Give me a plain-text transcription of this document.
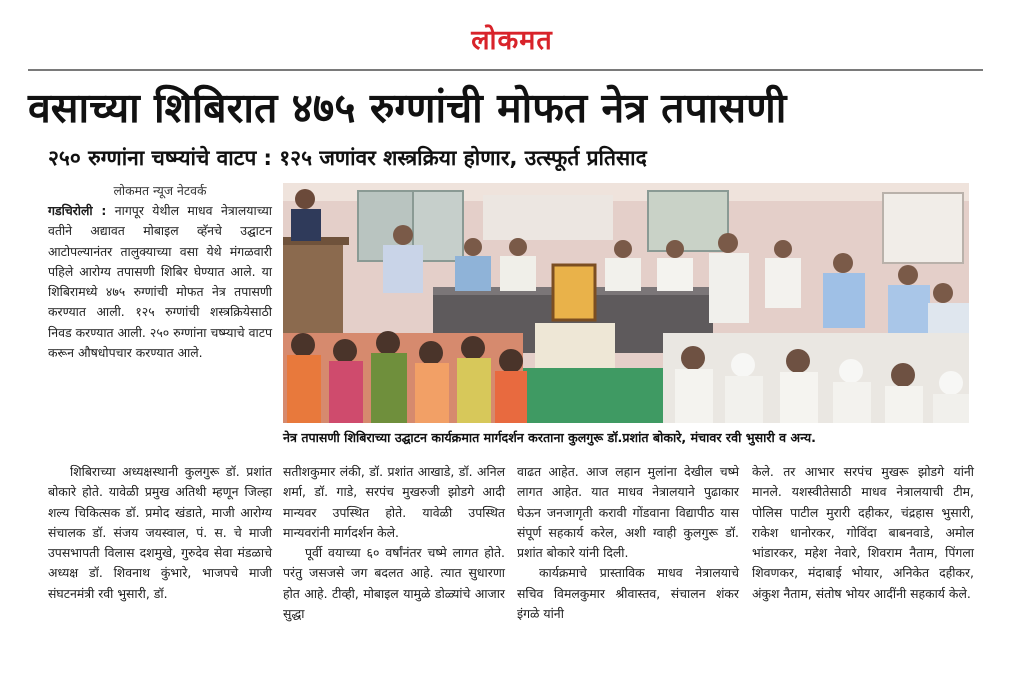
लोकमत
वसाच्या शिबिरात ४७५ रुग्णांची मोफत नेत्र तपासणी
२५० रुग्णांना चष्म्यांचे वाटप : १२५ जणांवर शस्त्रक्रिया होणार, उत्स्फूर्त प्रतिसाद
लोकमत न्यूज नेटवर्क

गडचिरोली : नागपूर येथील माधव नेत्रालयाच्या वतीने अद्यावत मोबाइल व्हॅनचे उद्घाटन आटोपल्यानंतर तालुक्याच्या वसा येथे मंगळवारी पहिले आरोग्य तपासणी शिबिर घेण्यात आले. या शिबिरामध्ये ४७५ रुग्णांची मोफत नेत्र तपासणी करण्यात आली. १२५ रुग्णांची शस्त्रक्रियेसाठी निवड करण्यात आली. २५० रुग्णांना चष्म्याचे वाटप करून औषधोपचार करण्यात आले.

नेत्र तपासणी शिबिराच्या उद्घाटन कार्यक्रमात मार्गदर्शन करताना कुलगुरू डॉ.प्रशांत बोकारे, मंचावर रवी भुसारी व अन्य.

शिबिराच्या अध्यक्षस्थानी कुलगुरू डॉ. प्रशांत बोकारे होते. यावेळी प्रमुख अतिथी म्हणून जिल्हा शल्य चिकित्सक डॉ. प्रमोद खंडाते, माजी आरोग्य संचालक डॉ. संजय जयस्वाल, पं. स. चे माजी उपसभापती विलास दशमुखे, गुरुदेव सेवा मंडळाचे अध्यक्ष डॉ. शिवनाथ कुंभारे, भाजपचे माजी संघटनमंत्री रवी भुसारी, डॉ.

सतीशकुमार लंकी, डॉ. प्रशांत आखाडे, डॉ. अनिल शर्मा, डॉ. गाडे, सरपंच मुखरुजी झोडगे आदी मान्यवर उपस्थित होते. यावेळी उपस्थित मान्यवरांनी मार्गदर्शन केले.

पूर्वी वयाच्या ६० वर्षांनंतर चष्मे लागत होते. परंतु जसजसे जग बदलत आहे. त्यात सुधारणा होत आहे. टीव्ही, मोबाइल यामुळे डोळ्यांचे आजार सुद्धा

वाढत आहेत. आज लहान मुलांना देखील चष्मे लागत आहेत. यात माधव नेत्रालयाने पुढाकार घेऊन जनजागृती करावी गोंडवाना विद्यापीठ यास संपूर्ण सहकार्य करेल, अशी ग्वाही कुलगुरू डॉ. प्रशांत बोकारे यांनी दिली.

कार्यक्रमाचे प्रास्ताविक माधव नेत्रालयाचे सचिव विमलकुमार श्रीवास्तव, संचालन शंकर इंगळे यांनी

केले. तर आभार सरपंच मुखरू झोडगे यांनी मानले. यशस्वीतेसाठी माधव नेत्रालयाची टीम, पोलिस पाटील मुरारी दहीकर, चंद्रहास भुसारी, राकेश धानोरकर, गोविंदा बाबनवाडे, अमोल भांडारकर, महेश नेवारे, शिवराम नैताम, पिंगला शिवणकर, मंदाबाई भोयार, अनिकेत दहीकर, अंकुश नैताम, संतोष भोयर आदींनी सहकार्य केले.
